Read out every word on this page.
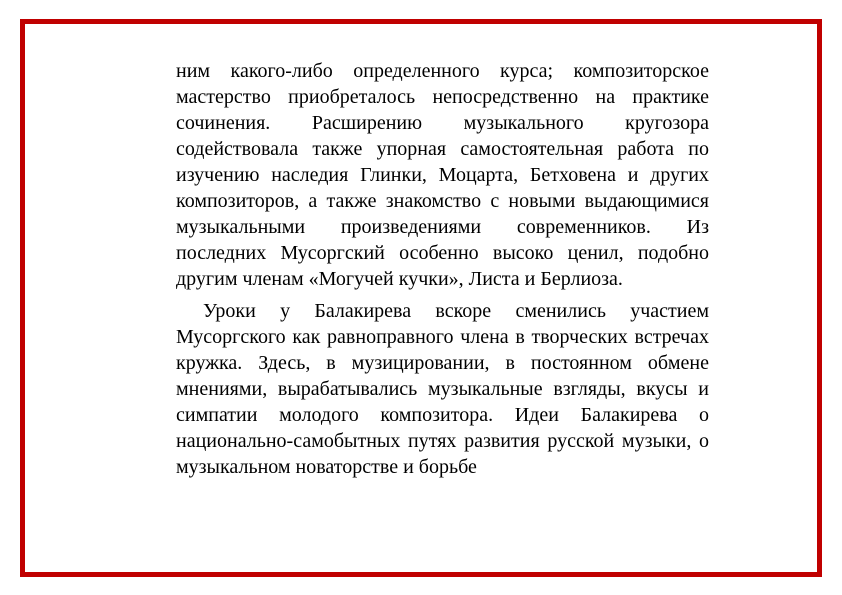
ним какого-либо определенного курса; композиторское мастерство приобреталось непосредственно на практике сочинения. Расширению музыкального кругозора содействовала также упорная самостоятельная работа по изучению наследия Глинки, Моцарта, Бетховена и других композиторов, а также знакомство с новыми выдающимися музыкальными произведениями современников. Из последних Мусоргский особенно высоко ценил, подобно другим членам «Могучей кучки», Листа и Берлиоза.

Уроки у Балакирева вскоре сменились участием Мусоргского как равноправного члена в творческих встречах кружка. Здесь, в музицировании, в постоянном обмене мнениями, вырабатывались музыкальные взгляды, вкусы и симпатии молодого композитора. Идеи Балакирева о национально-самобытных путях развития русской музыки, о музыкальном новаторстве и борьбе
